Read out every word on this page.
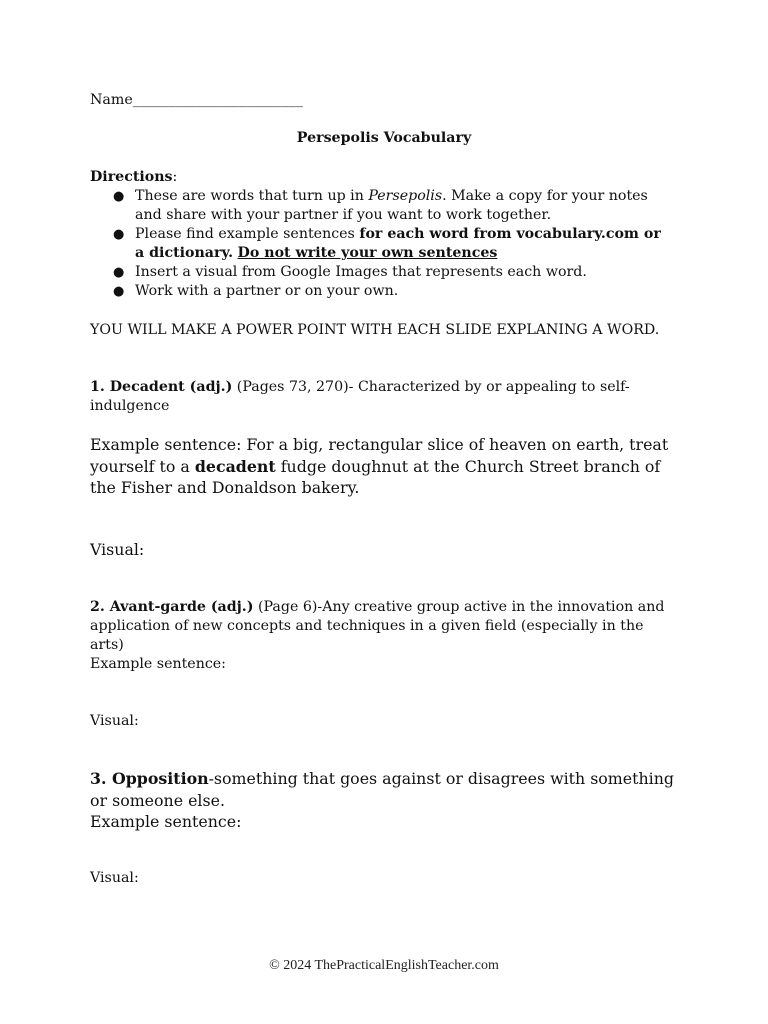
Name________________________
Persepolis Vocabulary
Directions:
● These are words that turn up in Persepolis. Make a copy for your notes and share with your partner if you want to work together.
● Please find example sentences for each word from vocabulary.com or a dictionary. Do not write your own sentences
● Insert a visual from Google Images that represents each word.
● Work with a partner or on your own.
YOU WILL MAKE A POWER POINT WITH EACH SLIDE EXPLANING A WORD.
1. Decadent (adj.) (Pages 73, 270)- Characterized by or appealing to self-indulgence
Example sentence: For a big, rectangular slice of heaven on earth, treat yourself to a decadent fudge doughnut at the Church Street branch of the Fisher and Donaldson bakery.
Visual:
2. Avant-garde (adj.) (Page 6)-Any creative group active in the innovation and application of new concepts and techniques in a given field (especially in the arts)
Example sentence:
Visual:
3. Opposition-something that goes against or disagrees with something or someone else.
Example sentence:
Visual:
© 2024 ThePracticalEnglishTeacher.com
